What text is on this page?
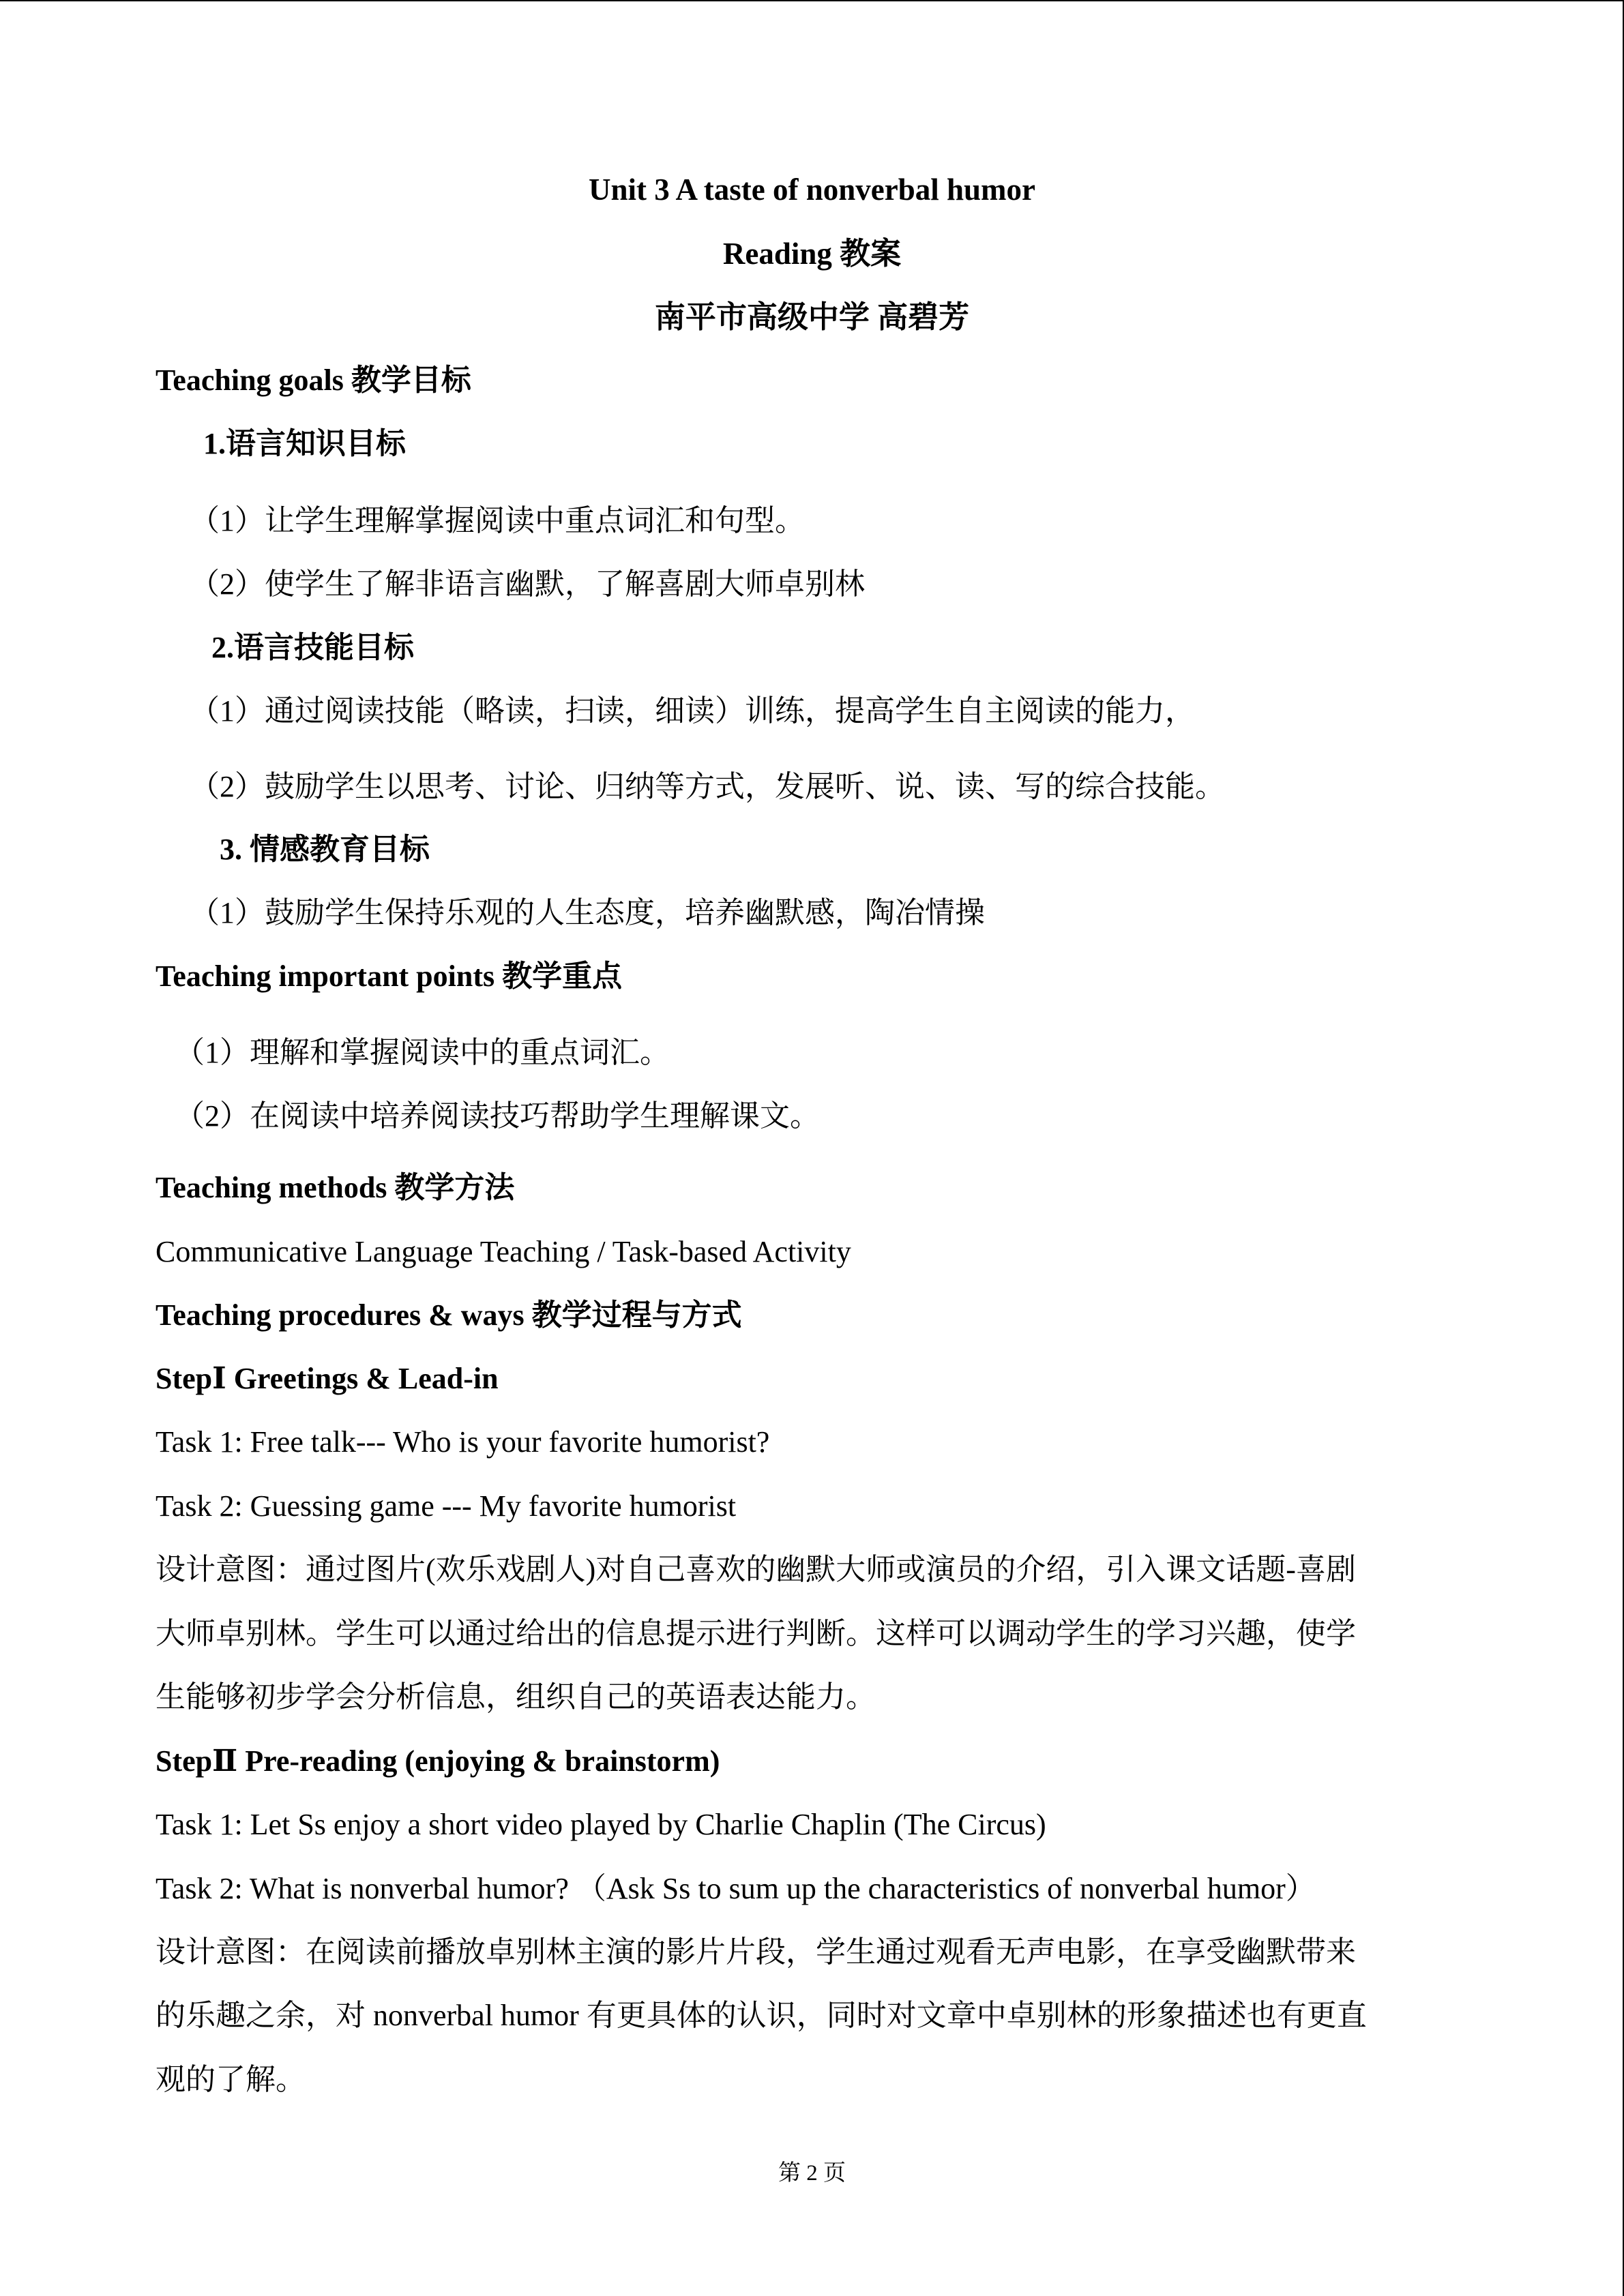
Unit 3 A taste of nonverbal humor
Reading 教案
南平市高级中学 高碧芳
Teaching goals 教学目标
1.语言知识目标
（1）让学生理解掌握阅读中重点词汇和句型。
（2）使学生了解非语言幽默，了解喜剧大师卓别林
2.语言技能目标
（1）通过阅读技能（略读，扫读，细读）训练，提高学生自主阅读的能力，
（2）鼓励学生以思考、讨论、归纳等方式，发展听、说、读、写的综合技能。
3. 情感教育目标
（1）鼓励学生保持乐观的人生态度，培养幽默感，陶冶情操
Teaching important points 教学重点
（1）理解和掌握阅读中的重点词汇。
（2）在阅读中培养阅读技巧帮助学生理解课文。
Teaching methods 教学方法
Communicative Language Teaching / Task-based Activity
Teaching procedures & ways 教学过程与方式
StepⅠ Greetings & Lead-in
Task 1: Free talk--- Who is your favorite humorist?
Task 2: Guessing game --- My favorite humorist
设计意图：通过图片(欢乐戏剧人)对自己喜欢的幽默大师或演员的介绍，引入课文话题-喜剧
大师卓别林。学生可以通过给出的信息提示进行判断。这样可以调动学生的学习兴趣，使学
生能够初步学会分析信息，组织自己的英语表达能力。
StepⅡ Pre-reading (enjoying & brainstorm)
Task 1: Let Ss enjoy a short video played by Charlie Chaplin (The Circus)
Task 2: What is nonverbal humor? （Ask Ss to sum up the characteristics of nonverbal humor）
设计意图：在阅读前播放卓别林主演的影片片段，学生通过观看无声电影，在享受幽默带来
的乐趣之余，对 nonverbal humor 有更具体的认识，同时对文章中卓别林的形象描述也有更直
观的了解。
第 2 页
